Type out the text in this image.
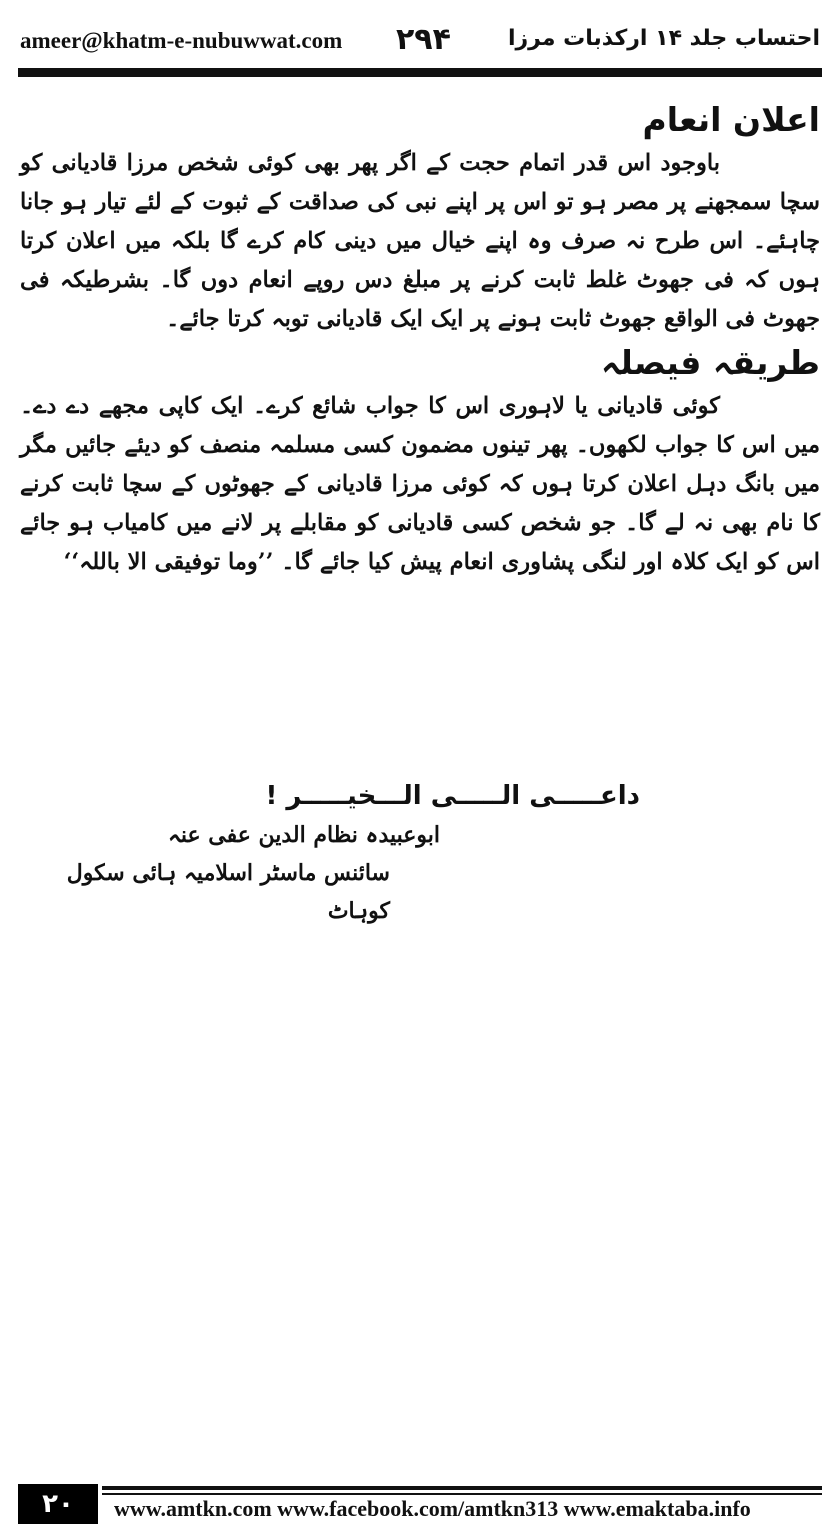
ameer@khatm-e-nubuwwat.com ۲۹۴	احتساب جلد ۱۴ ارکذبات مرزا
اعلان انعام

باوجود اس قدر اتمام حجت کے اگر پھر بھی کوئی شخص مرزا قادیانی کو سچا سمجھنے پر مصر ہو تو اس پر اپنے نبی کی صداقت کے ثبوت کے لئے تیار ہو جانا چاہئے۔ اس طرح نہ صرف وہ اپنے خیال میں دینی کام کرے گا بلکہ میں اعلان کرتا ہوں کہ فی جھوٹ غلط ثابت کرنے پر مبلغ دس روپے انعام دوں گا۔ بشرطیکہ فی جھوٹ فی الواقع جھوٹ ثابت ہونے پر ایک ایک قادیانی توبہ کرتا جائے۔

طریقہ فیصلہ

کوئی قادیانی یا لاہوری اس کا جواب شائع کرے۔ ایک کاپی مجھے دے دے۔ میں اس کا جواب لکھوں۔ پھر تینوں مضمون کسی مسلمہ منصف کو دیئے جائیں مگر میں بانگ دہل اعلان کرتا ہوں کہ کوئی مرزا قادیانی کے جھوٹوں کے سچا ثابت کرنے کا نام بھی نہ لے گا۔ جو شخص کسی قادیانی کو مقابلے پر لانے میں کامیاب ہو جائے اس کو ایک کلاہ اور لنگی پشاوری انعام پیش کیا جائے گا۔ ’’وما توفیقی الا باللہ‘‘

داعـــــی الـــــی الـــخیـــــر !
ابوعبیدہ نظام الدین عفی عنہ
سائنس ماسٹر اسلامیہ ہائی سکول کوہاٹ
۲۰	www.amtkn.com www.facebook.com/amtkn313 www.emaktaba.info
